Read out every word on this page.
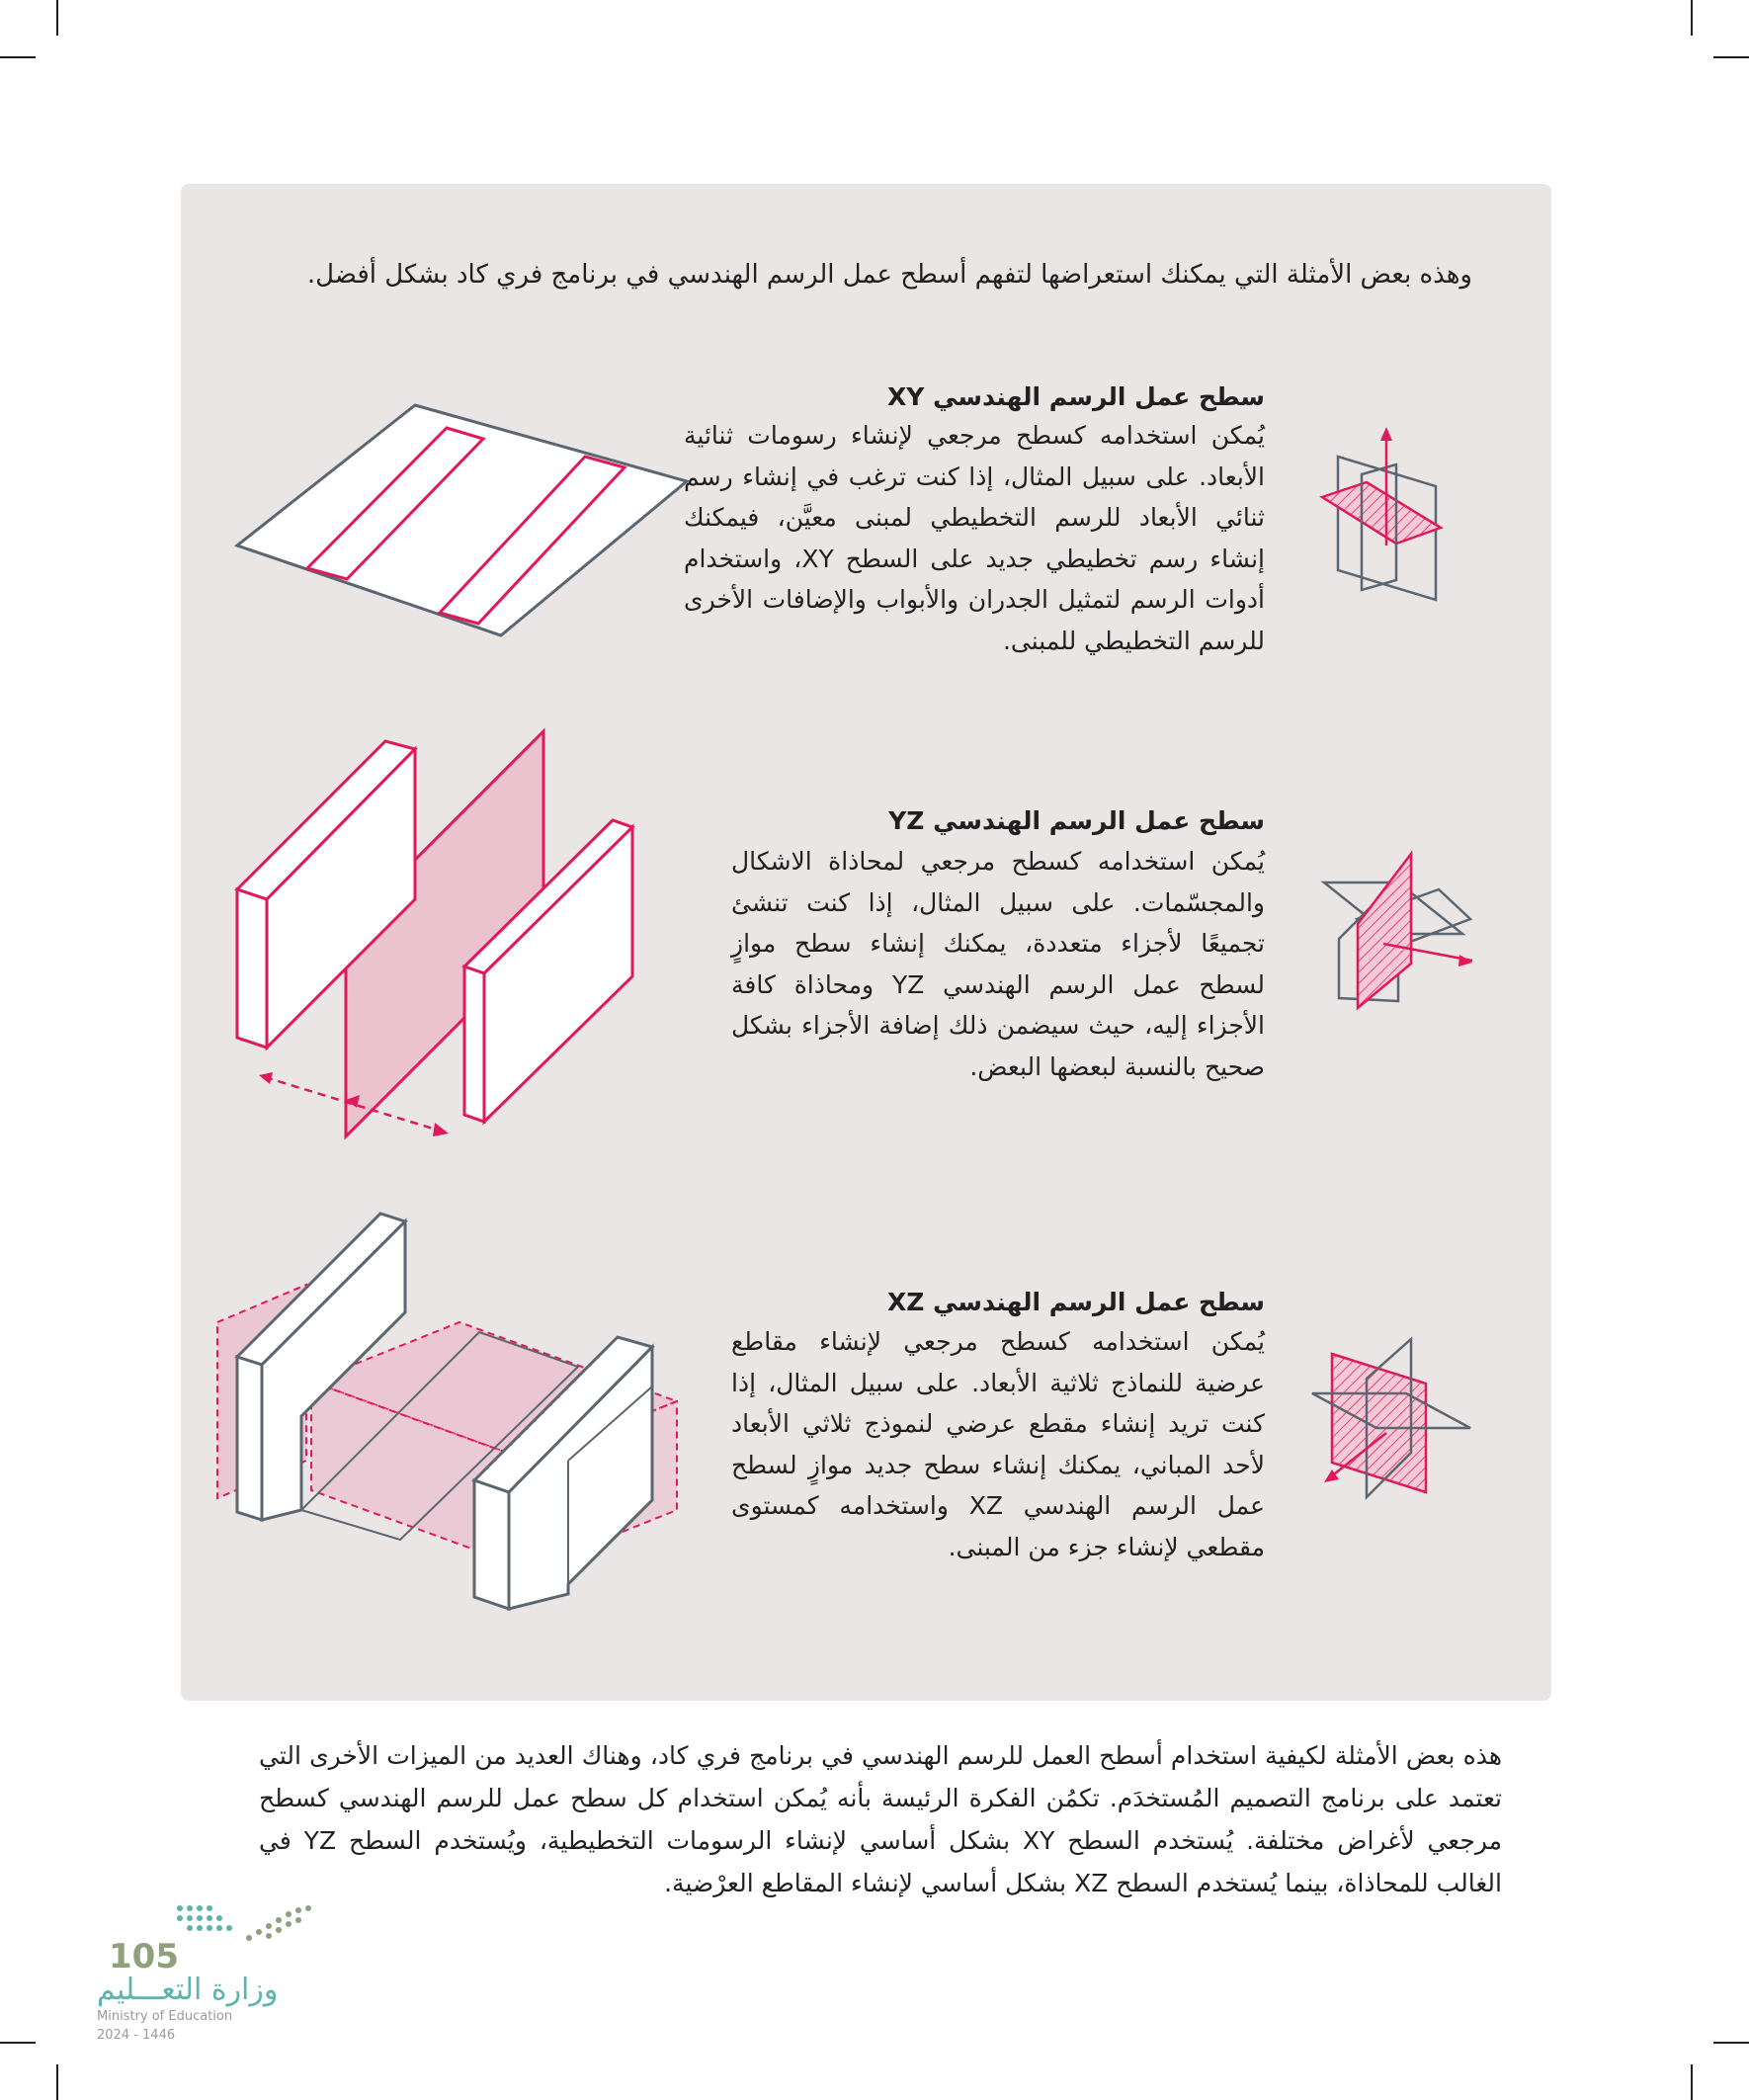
وهذه بعض الأمثلة التي يمكنك استعراضها لتفهم أسطح عمل الرسم الهندسي في برنامج فري كاد بشكل أفضل.
سطح عمل الرسم الهندسي XY
يُمكن استخدامه كسطح مرجعي لإنشاء رسومات ثنائية الأبعاد. على سبيل المثال، إذا كنت ترغب في إنشاء رسم ثنائي الأبعاد للرسم التخطيطي لمبنى معيَّن، فيمكنك إنشاء رسم تخطيطي جديد على السطح XY، واستخدام أدوات الرسم لتمثيل الجدران والأبواب والإضافات الأخرى للرسم التخطيطي للمبنى.
سطح عمل الرسم الهندسي YZ
يُمكن استخدامه كسطح مرجعي لمحاذاة الاشكال والمجسّمات. على سبيل المثال، إذا كنت تنشئ تجميعًا لأجزاء متعددة، يمكنك إنشاء سطح موازٍ لسطح عمل الرسم الهندسي YZ ومحاذاة كافة الأجزاء إليه، حيث سيضمن ذلك إضافة الأجزاء بشكل صحيح بالنسبة لبعضها البعض.
سطح عمل الرسم الهندسي XZ
يُمكن استخدامه كسطح مرجعي لإنشاء مقاطع عرضية للنماذج ثلاثية الأبعاد. على سبيل المثال، إذا كنت تريد إنشاء مقطع عرضي لنموذج ثلاثي الأبعاد لأحد المباني، يمكنك إنشاء سطح جديد موازٍ لسطح عمل الرسم الهندسي XZ واستخدامه كمستوى مقطعي لإنشاء جزء من المبنى.
هذه بعض الأمثلة لكيفية استخدام أسطح العمل للرسم الهندسي في برنامج فري كاد، وهناك العديد من الميزات الأخرى التي تعتمد على برنامج التصميم المُستخدَم. تكمُن الفكرة الرئيسة بأنه يُمكن استخدام كل سطح عمل للرسم الهندسي كسطح مرجعي لأغراض مختلفة. يُستخدم السطح XY بشكل أساسي لإنشاء الرسومات التخطيطية، ويُستخدم السطح YZ في الغالب للمحاذاة، بينما يُستخدم السطح XZ بشكل أساسي لإنشاء المقاطع العرْضية.
105
وزارة التعـــليم
Ministry of Education
2024 - 1446
